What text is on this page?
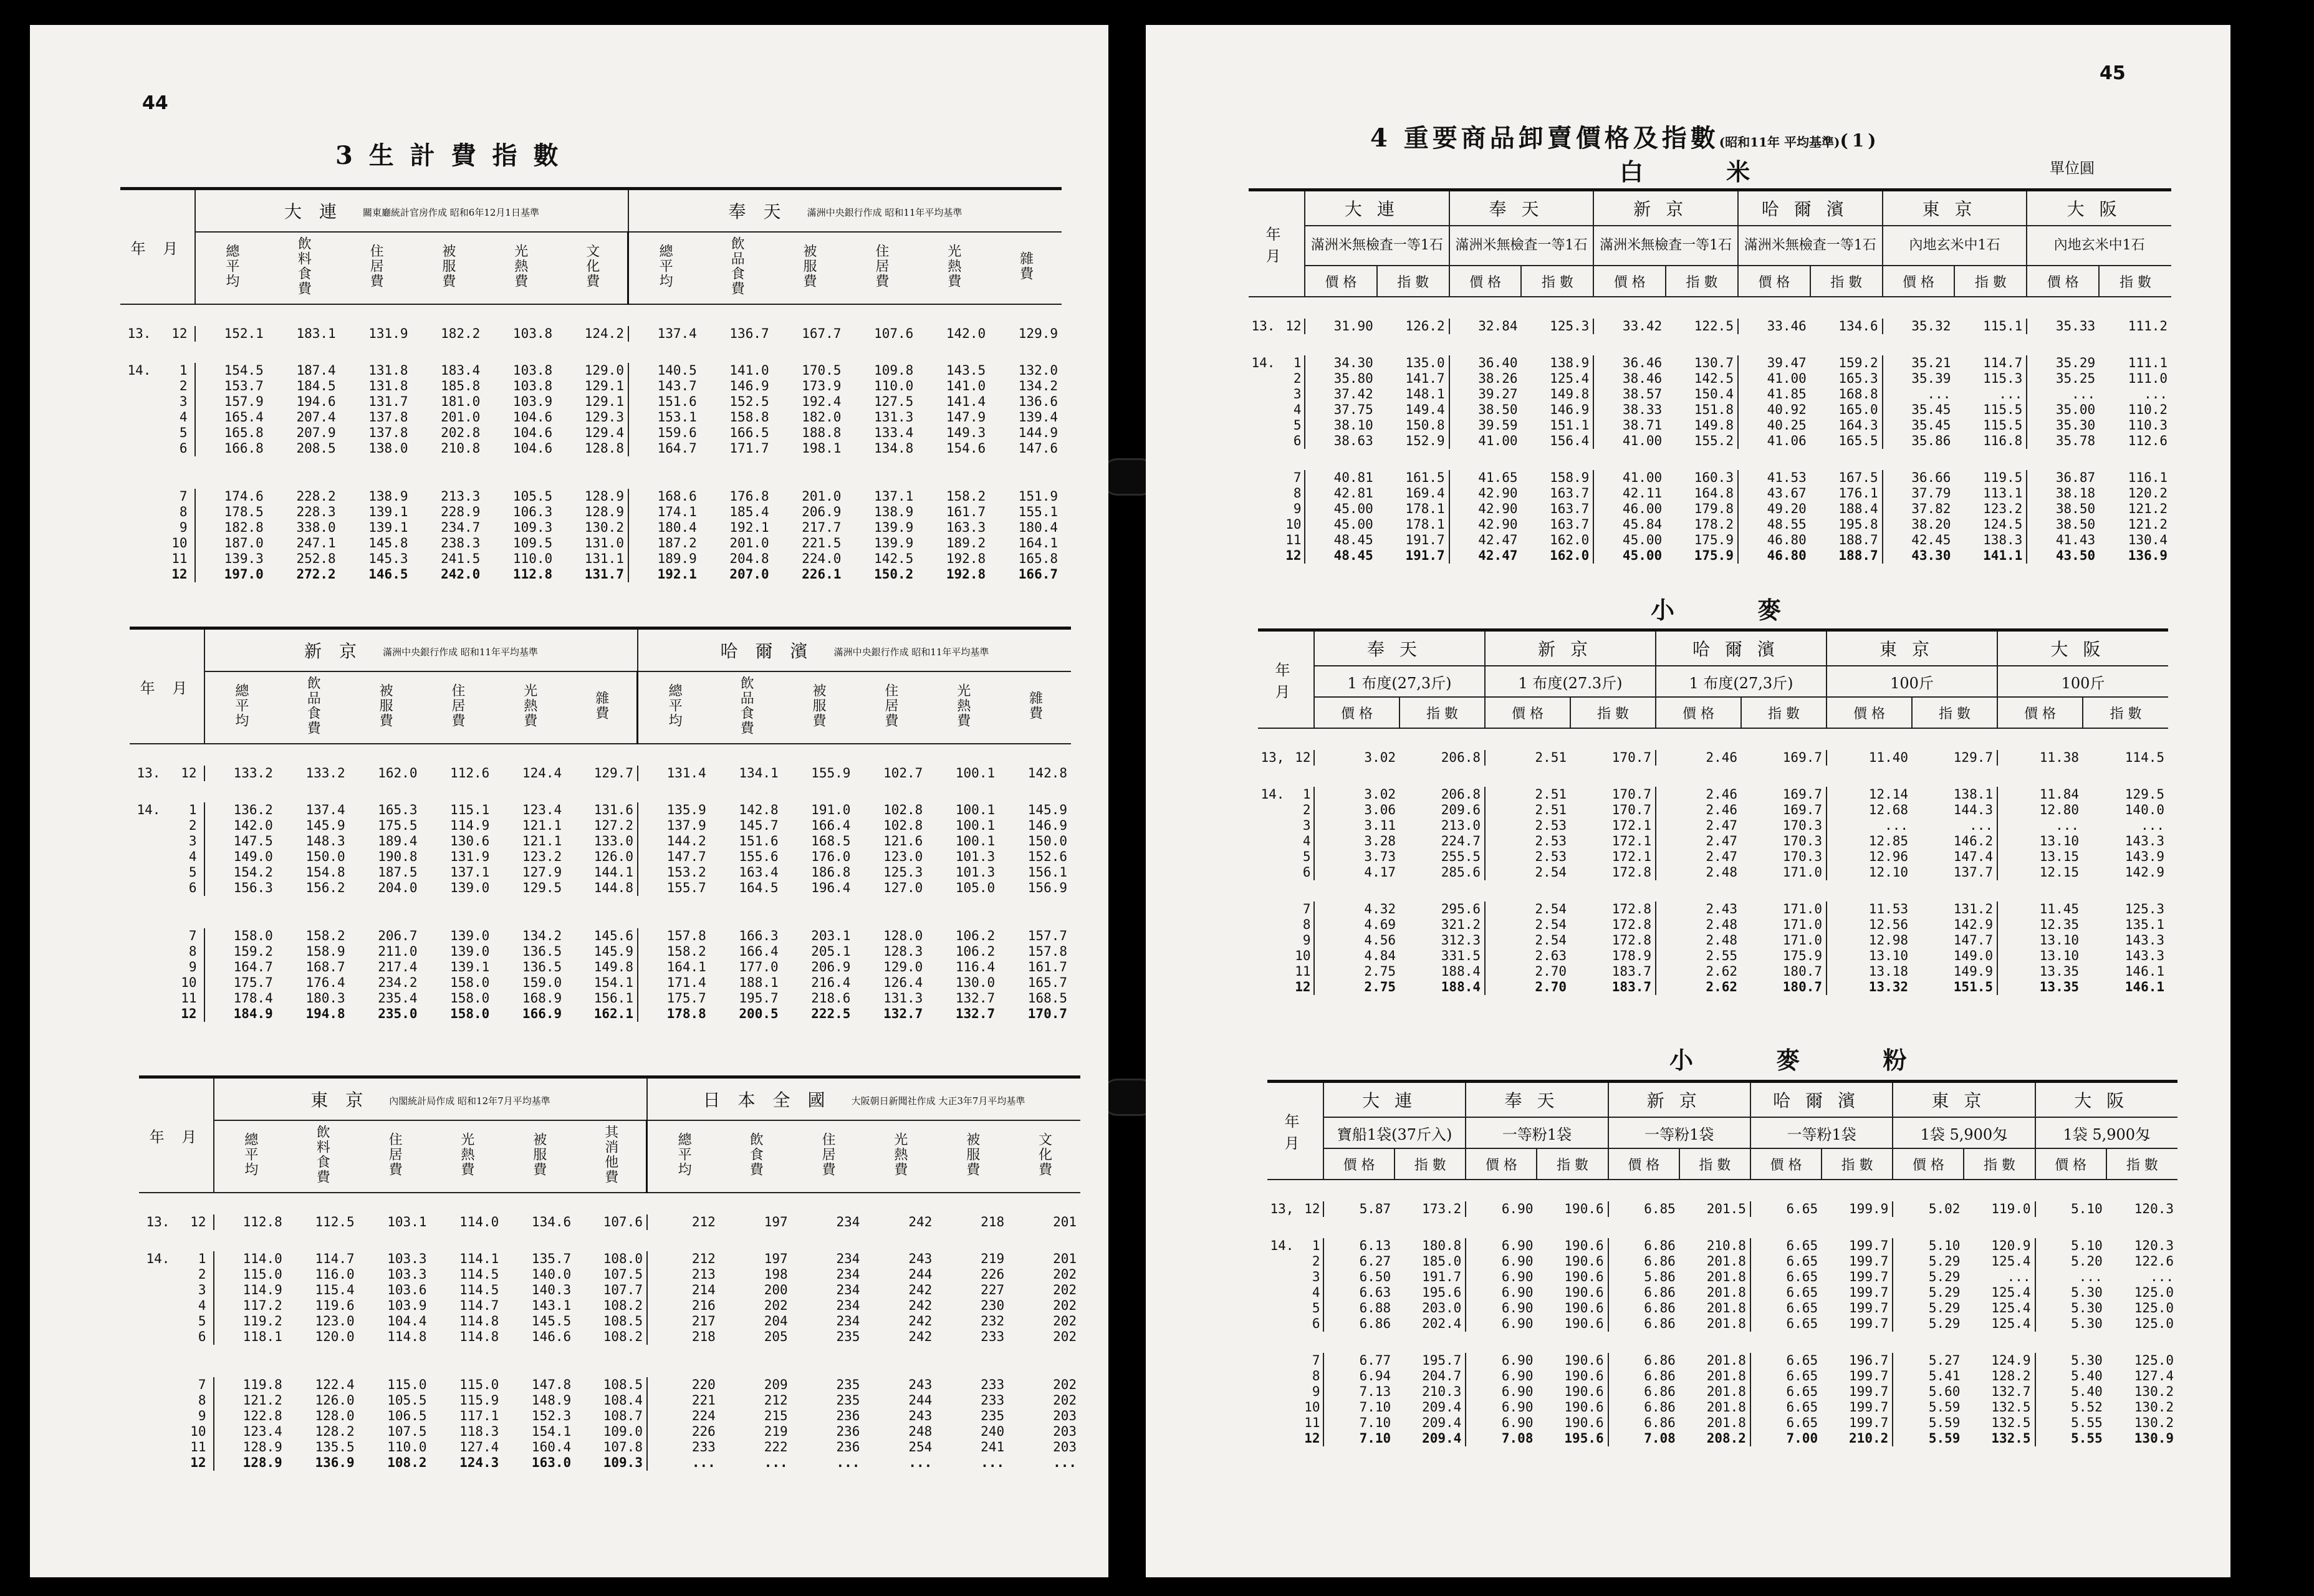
44
3 生 計 費 指 數
年 月	大連 關東廳統計官房作成 昭和6年12月1日基準						奉天 滿洲中央銀行作成 昭和11年平均基準					
	總平均	飲料食費	住居費	被服費	光熱費	文化費	總平均	飲品食費	被服費	住居費	光熱費	雜費

13. 12	152.1	183.1	131.9	182.2	103.8	124.2	137.4	136.7	167.7	107.6	142.0	129.9

14. 1	154.5	187.4	131.8	183.4	103.8	129.0	140.5	141.0	170.5	109.8	143.5	132.0
2	153.7	184.5	131.8	185.8	103.8	129.1	143.7	146.9	173.9	110.0	141.0	134.2
3	157.9	194.6	131.7	181.0	103.9	129.1	151.6	152.5	192.4	127.5	141.4	136.6
4	165.4	207.4	137.8	201.0	104.6	129.3	153.1	158.8	182.0	131.3	147.9	139.4
5	165.8	207.9	137.8	202.8	104.6	129.4	159.6	166.5	188.8	133.4	149.3	144.9
6	166.8	208.5	138.0	210.8	104.6	128.8	164.7	171.7	198.1	134.8	154.6	147.6

7	174.6	228.2	138.9	213.3	105.5	128.9	168.6	176.8	201.0	137.1	158.2	151.9
8	178.5	228.3	139.1	228.9	106.3	128.9	174.1	185.4	206.9	138.9	161.7	155.1
9	182.8	338.0	139.1	234.7	109.3	130.2	180.4	192.1	217.7	139.9	163.3	180.4
10	187.0	247.1	145.8	238.3	109.5	131.0	187.2	201.0	221.5	139.9	189.2	164.1
11	139.3	252.8	145.3	241.5	110.0	131.1	189.9	204.8	224.0	142.5	192.8	165.8
12	197.0	272.2	146.5	242.0	112.8	131.7	192.1	207.0	226.1	150.2	192.8	166.7
年 月	新京 滿洲中央銀行作成 昭和11年平均基準						哈爾濱 滿洲中央銀行作成 昭和11年平均基準					
	總平均	飲品食費	被服費	住居費	光熱費	雜費	總平均	飲品食費	被服費	住居費	光熱費	雜費

13. 12	133.2	133.2	162.0	112.6	124.4	129.7	131.4	134.1	155.9	102.7	100.1	142.8

14. 1	136.2	137.4	165.3	115.1	123.4	131.6	135.9	142.8	191.0	102.8	100.1	145.9
2	142.0	145.9	175.5	114.9	121.1	127.2	137.9	145.7	166.4	102.8	100.1	146.9
3	147.5	148.3	189.4	130.6	121.1	133.0	144.2	151.6	168.5	121.6	100.1	150.0
4	149.0	150.0	190.8	131.9	123.2	126.0	147.7	155.6	176.0	123.0	101.3	152.6
5	154.2	154.8	187.5	137.1	127.9	144.1	153.2	163.4	186.8	125.3	101.3	156.1
6	156.3	156.2	204.0	139.0	129.5	144.8	155.7	164.5	196.4	127.0	105.0	156.9

7	158.0	158.2	206.7	139.0	134.2	145.6	157.8	166.3	203.1	128.0	106.2	157.7
8	159.2	158.9	211.0	139.0	136.5	145.9	158.2	166.4	205.1	128.3	106.2	157.8
9	164.7	168.7	217.4	139.1	136.5	149.8	164.1	177.0	206.9	129.0	116.4	161.7
10	175.7	176.4	234.2	158.0	159.0	154.1	171.4	188.1	216.4	126.4	130.0	165.7
11	178.4	180.3	235.4	158.0	168.9	156.1	175.7	195.7	218.6	131.3	132.7	168.5
12	184.9	194.8	235.0	158.0	166.9	162.1	178.8	200.5	222.5	132.7	132.7	170.7
年 月	東京 內閣統計局作成 昭和12年7月平均基準						日本全國 大阪朝日新聞社作成 大正3年7月平均基準					
	總平均	飲料食費	住居費	光熱費	被服費	其消他費	總平均	飲食費	住居費	光熱費	被服費	文化費

13. 12	112.8	112.5	103.1	114.0	134.6	107.6	212	197	234	242	218	201

14. 1	114.0	114.7	103.3	114.1	135.7	108.0	212	197	234	243	219	201
2	115.0	116.0	103.3	114.5	140.0	107.5	213	198	234	244	226	202
3	114.9	115.4	103.6	114.5	140.3	107.7	214	200	234	242	227	202
4	117.2	119.6	103.9	114.7	143.1	108.2	216	202	234	242	230	202
5	119.2	123.0	104.4	114.8	145.5	108.5	217	204	234	242	232	202
6	118.1	120.0	114.8	114.8	146.6	108.2	218	205	235	242	233	202

7	119.8	122.4	115.0	115.0	147.8	108.5	220	209	235	243	233	202
8	121.2	126.0	105.5	115.9	148.9	108.4	221	212	235	244	233	202
9	122.8	128.0	106.5	117.1	152.3	108.7	224	215	236	243	235	203
10	123.4	128.2	107.5	118.3	154.1	109.0	226	219	236	248	240	203
11	128.9	135.5	110.0	127.4	160.4	107.8	233	222	236	254	241	203
12	128.9	136.9	108.2	124.3	163.0	109.3	...	...	...	...	...	...
45
4 重要商品卸賣價格及指數(昭和11年 平均基準)(1)
單位圓
白 米
年 月	大連		奉天		新京		哈爾濱		東京		大阪	
	滿洲米無檢査一等1石		滿洲米無檢査一等1石		滿洲米無檢査一等1石		滿洲米無檢査一等1石		內地玄米中1石		內地玄米中1石	
	價 格	指 數	價 格	指 數	價 格	指 數	價 格	指 數	價 格	指 數	價 格	指 數

13. 12	31.90	126.2	32.84	125.3	33.42	122.5	33.46	134.6	35.32	115.1	35.33	111.2

14. 1	34.30	135.0	36.40	138.9	36.46	130.7	39.47	159.2	35.21	114.7	35.29	111.1
2	35.80	141.7	38.26	125.4	38.46	142.5	41.00	165.3	35.39	115.3	35.25	111.0
3	37.42	148.1	39.27	149.8	38.57	150.4	41.85	168.8	...	...	...	...
4	37.75	149.4	38.50	146.9	38.33	151.8	40.92	165.0	35.45	115.5	35.00	110.2
5	38.10	150.8	39.59	151.1	38.71	149.8	40.25	164.3	35.45	115.5	35.30	110.3
6	38.63	152.9	41.00	156.4	41.00	155.2	41.06	165.5	35.86	116.8	35.78	112.6

7	40.81	161.5	41.65	158.9	41.00	160.3	41.53	167.5	36.66	119.5	36.87	116.1
8	42.81	169.4	42.90	163.7	42.11	164.8	43.67	176.1	37.79	113.1	38.18	120.2
9	45.00	178.1	42.90	163.7	46.00	179.8	49.20	188.4	37.82	123.2	38.50	121.2
10	45.00	178.1	42.90	163.7	45.84	178.2	48.55	195.8	38.20	124.5	38.50	121.2
11	48.45	191.7	42.47	162.0	45.00	175.9	46.80	188.7	42.45	138.3	41.43	130.4
12	48.45	191.7	42.47	162.0	45.00	175.9	46.80	188.7	43.30	141.1	43.50	136.9
小 麥
年 月	奉天		新京		哈爾濱		東京		大阪	
	1 布度(27,3斤)		1 布度(27.3斤)		1 布度(27,3斤)		100斤		100斤	
	價 格	指 數	價 格	指 數	價 格	指 數	價 格	指 數	價 格	指 數

13, 12	3.02	206.8	2.51	170.7	2.46	169.7	11.40	129.7	11.38	114.5

14. 1	3.02	206.8	2.51	170.7	2.46	169.7	12.14	138.1	11.84	129.5
2	3.06	209.6	2.51	170.7	2.46	169.7	12.68	144.3	12.80	140.0
3	3.11	213.0	2.53	172.1	2.47	170.3	...	...	...	...
4	3.28	224.7	2.53	172.1	2.47	170.3	12.85	146.2	13.10	143.3
5	3.73	255.5	2.53	172.1	2.47	170.3	12.96	147.4	13.15	143.9
6	4.17	285.6	2.54	172.8	2.48	171.0	12.10	137.7	12.15	142.9

7	4.32	295.6	2.54	172.8	2.43	171.0	11.53	131.2	11.45	125.3
8	4.69	321.2	2.54	172.8	2.48	171.0	12.56	142.9	12.35	135.1
9	4.56	312.3	2.54	172.8	2.48	171.0	12.98	147.7	13.10	143.3
10	4.84	331.5	2.63	178.9	2.55	175.9	13.10	149.0	13.10	143.3
11	2.75	188.4	2.70	183.7	2.62	180.7	13.18	149.9	13.35	146.1
12	2.75	188.4	2.70	183.7	2.62	180.7	13.32	151.5	13.35	146.1
小 麥 粉
年 月	大連		奉天		新京		哈爾濱		東京		大阪	
	寶船1袋(37斤入)		一等粉1袋		一等粉1袋		一等粉1袋		1袋 5,900匁		1袋 5,900匁	
	價 格	指 數	價 格	指 數	價 格	指 數	價 格	指 數	價 格	指 數	價 格	指 數

13, 12	5.87	173.2	6.90	190.6	6.85	201.5	6.65	199.9	5.02	119.0	5.10	120.3

14. 1	6.13	180.8	6.90	190.6	6.86	210.8	6.65	199.7	5.10	120.9	5.10	120.3
2	6.27	185.0	6.90	190.6	6.86	201.8	6.65	199.7	5.29	125.4	5.20	122.6
3	6.50	191.7	6.90	190.6	5.86	201.8	6.65	199.7	5.29	...	...	...
4	6.63	195.6	6.90	190.6	6.86	201.8	6.65	199.7	5.29	125.4	5.30	125.0
5	6.88	203.0	6.90	190.6	6.86	201.8	6.65	199.7	5.29	125.4	5.30	125.0
6	6.86	202.4	6.90	190.6	6.86	201.8	6.65	199.7	5.29	125.4	5.30	125.0

7	6.77	195.7	6.90	190.6	6.86	201.8	6.65	196.7	5.27	124.9	5.30	125.0
8	6.94	204.7	6.90	190.6	6.86	201.8	6.65	199.7	5.41	128.2	5.40	127.4
9	7.13	210.3	6.90	190.6	6.86	201.8	6.65	199.7	5.60	132.7	5.40	130.2
10	7.10	209.4	6.90	190.6	6.86	201.8	6.65	199.7	5.59	132.5	5.52	130.2
11	7.10	209.4	6.90	190.6	6.86	201.8	6.65	199.7	5.59	132.5	5.55	130.2
12	7.10	209.4	7.08	195.6	7.08	208.2	7.00	210.2	5.59	132.5	5.55	130.9
